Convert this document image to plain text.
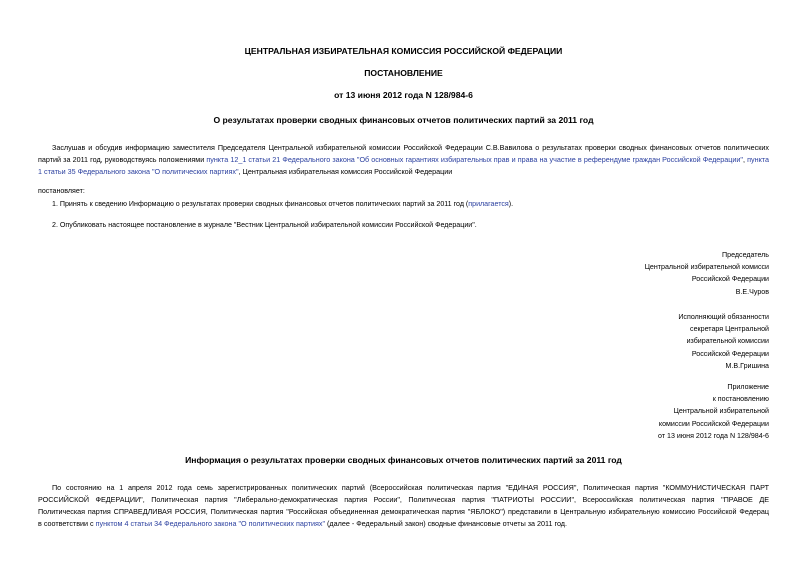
ЦЕНТРАЛЬНАЯ ИЗБИРАТЕЛЬНАЯ КОМИССИЯ РОССИЙСКОЙ ФЕДЕРАЦИИ
ПОСТАНОВЛЕНИЕ
от 13 июня 2012 года N 128/984-6
О результатах проверки сводных финансовых отчетов политических партий за 2011 год
Заслушав и обсудив информацию заместителя Председателя Центральной избирательной комиссии Российской Федерации С.В.Вавилова о результатах проверки сводных финансовых отчетов политических
партий за 2011 год, руководствуясь положениями пункта 12_1 статьи 21 Федерального закона "Об основных гарантиях избирательных прав и права на участие в референдуме граждан Российской Федерации", пункта
1 статьи 35 Федерального закона "О политических партиях", Центральная избирательная комиссия Российской Федерации
постановляет:
1. Принять к сведению Информацию о результатах проверки сводных финансовых отчетов политических партий за 2011 год (прилагается).
2. Опубликовать настоящее постановление в журнале "Вестник Центральной избирательной комиссии Российской Федерации".
Председатель
Центральной избирательной комисси
Российской Федерации
В.Е.Чуров
Исполняющий обязанности
секретаря Центральной
избирательной комиссии
Российской Федерации
М.В.Гришина
Приложение
к постановлению
Центральной избирательной
комиссии Российской Федерации
от 13 июня 2012 года N 128/984-6
Информация о результатах проверки сводных финансовых отчетов политических партий за 2011 год
По состоянию на 1 апреля 2012 года семь зарегистрированных политических партий (Всероссийская политическая партия "ЕДИНАЯ РОССИЯ", Политическая партия "КОММУНИСТИЧЕСКАЯ ПАРТ
РОССИЙСКОЙ ФЕДЕРАЦИИ", Политическая партия "Либерально-демократическая партия России", Политическая партия "ПАТРИОТЫ РОССИИ", Всероссийская политическая партия "ПРАВОЕ ДЕ
Политическая партия СПРАВЕДЛИВАЯ РОССИЯ, Политическая партия "Российская объединенная демократическая партия "ЯБЛОКО") представили в Центральную избирательную комиссию Российской Федерац
в соответствии с пунктом 4 статьи 34 Федерального закона "О политических партиях" (далее - Федеральный закон) сводные финансовые отчеты за 2011 год.
